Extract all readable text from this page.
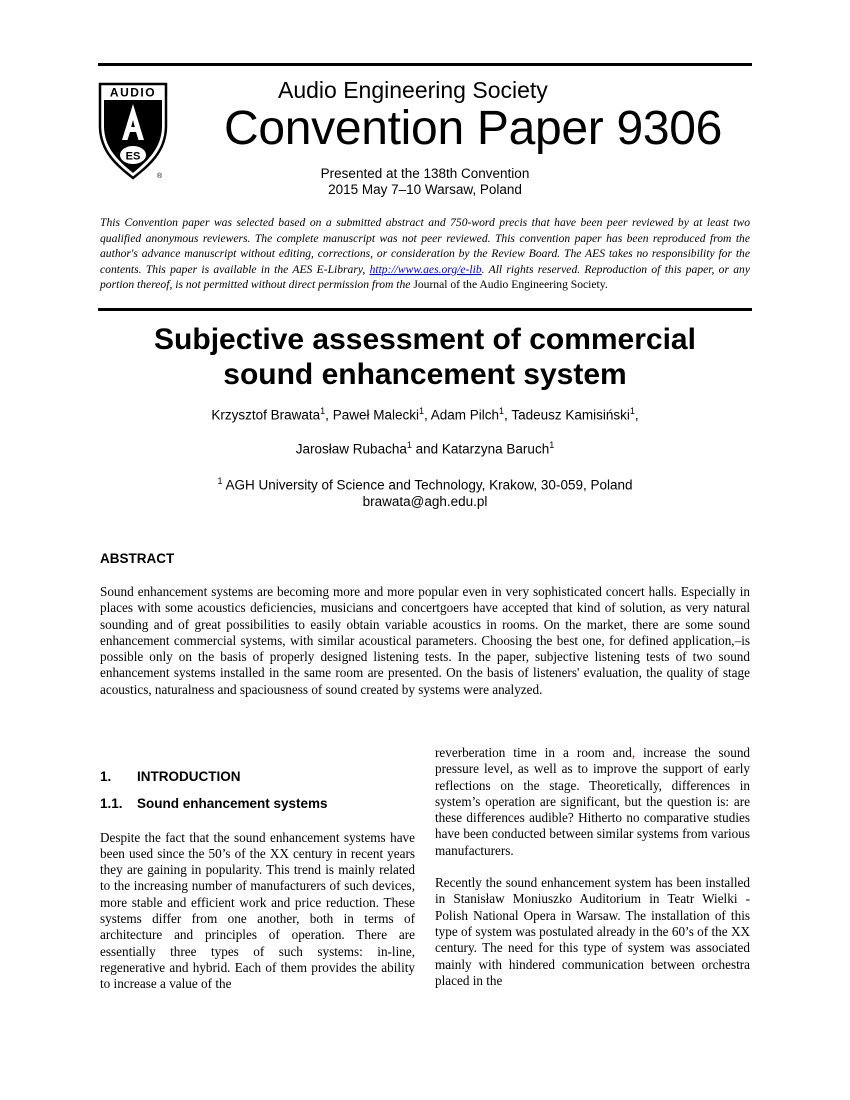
ES
AUDIO
®
Audio Engineering Society
Convention Paper 9306
Presented at the 138th Convention
2015 May 7–10 Warsaw, Poland
This Convention paper was selected based on a submitted abstract and 750-word precis that have been peer reviewed by at least two qualified anonymous reviewers. The complete manuscript was not peer reviewed. This convention paper has been reproduced from the author's advance manuscript without editing, corrections, or consideration by the Review Board. The AES takes no responsibility for the contents. This paper is available in the AES E-Library, http://www.aes.org/e-lib. All rights reserved. Reproduction of this paper, or any portion thereof, is not permitted without direct permission from the Journal of the Audio Engineering Society.
Subjective assessment of commercial
sound enhancement system
Krzysztof Brawata$^1$, Paweł Malecki$^1$, Adam Pilch$^1$, Tadeusz Kamisiński$^1$,
Jarosław Rubacha$^1$ and Katarzyna Baruch$^1$
$^1$ AGH University of Science and Technology, Krakow, 30-059, Poland
brawata@agh.edu.pl
ABSTRACT
Sound enhancement systems are becoming more and more popular even in very sophisticated concert halls. Especially in places with some acoustics deficiencies, musicians and concertgoers have accepted that kind of solution, as very natural sounding and of great possibilities to easily obtain variable acoustics in rooms. On the market, there are some sound enhancement commercial systems, with similar acoustical parameters. Choosing the best one, for defined application,–is possible only on the basis of properly designed listening tests. In the paper, subjective listening tests of two sound enhancement systems installed in the same room are presented. On the basis of listeners' evaluation, the quality of stage acoustics, naturalness and spaciousness of sound created by systems were analyzed.
1. INTRODUCTION
1.1. Sound enhancement systems

Despite the fact that the sound enhancement systems have been used since the 50’s of the XX century in recent years they are gaining in popularity. This trend is mainly related to the increasing number of manufacturers of such devices, more stable and efficient work and price reduction. These systems differ from one another, both in terms of architecture and principles of operation. There are essentially three types of such systems: in-line, regenerative and hybrid. Each of them provides the ability to increase a value of the

reverberation time in a room and, increase the sound pressure level, as well as to improve the support of early reflections on the stage. Theoretically, differences in system’s operation are significant, but the question is: are these differences audible? Hitherto no comparative studies have been conducted between similar systems from various manufacturers.

Recently the sound enhancement system has been installed in Stanisław Moniuszko Auditorium in Teatr Wielki - Polish National Opera in Warsaw. The installation of this type of system was postulated already in the 60’s of the XX century. The need for this type of system was associated mainly with hindered communication between orchestra placed in the
